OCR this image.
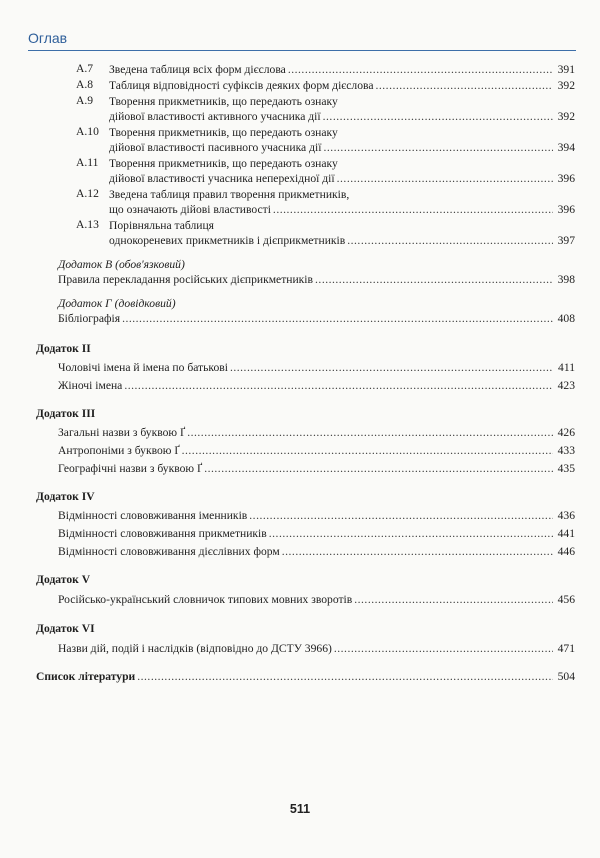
Оглав
А.7 Зведена таблиця всіх форм дієслова .....	391
А.8 Таблиця відповідності суфіксів деяких форм дієслова .....	392
А.9 Творення прикметників, що передають ознаку
дійової властивості активного учасника дії .....	392
А.10 Творення прикметників, що передають ознаку
дійової властивості пасивного учасника дії .....	394
А.11 Творення прикметників, що передають ознаку
дійової властивості учасника неперехідної дії .....	396
А.12 Зведена таблиця правил творення прикметників,
що означають дійові властивості .....	396
А.13 Порівняльна таблиця
однокореневих прикметників і дієприкметників .....	397
Додаток В (обов'язковий)
Правила перекладання російських дієприкметників .....	398
Додаток Г (довідковий)
Бібліографія .....	408
Додаток II
Чоловічі імена й імена по батькові .....	411
Жіночі імена .....	423
Додаток III
Загальні назви з буквою Ґ .....	426
Антропоніми з буквою Ґ .....	433
Географічні назви з буквою Ґ .....	435
Додаток IV
Відмінності слововживання іменників .....	436
Відмінності слововживання прикметників .....	441
Відмінності слововживання дієслівних форм .....	446
Додаток V
Російсько-український словничок типових мовних зворотів .....	456
Додаток VI
Назви дій, подій і наслідків (відповідно до ДСТУ 3966) .....	471
Список літератури .....	504
511
